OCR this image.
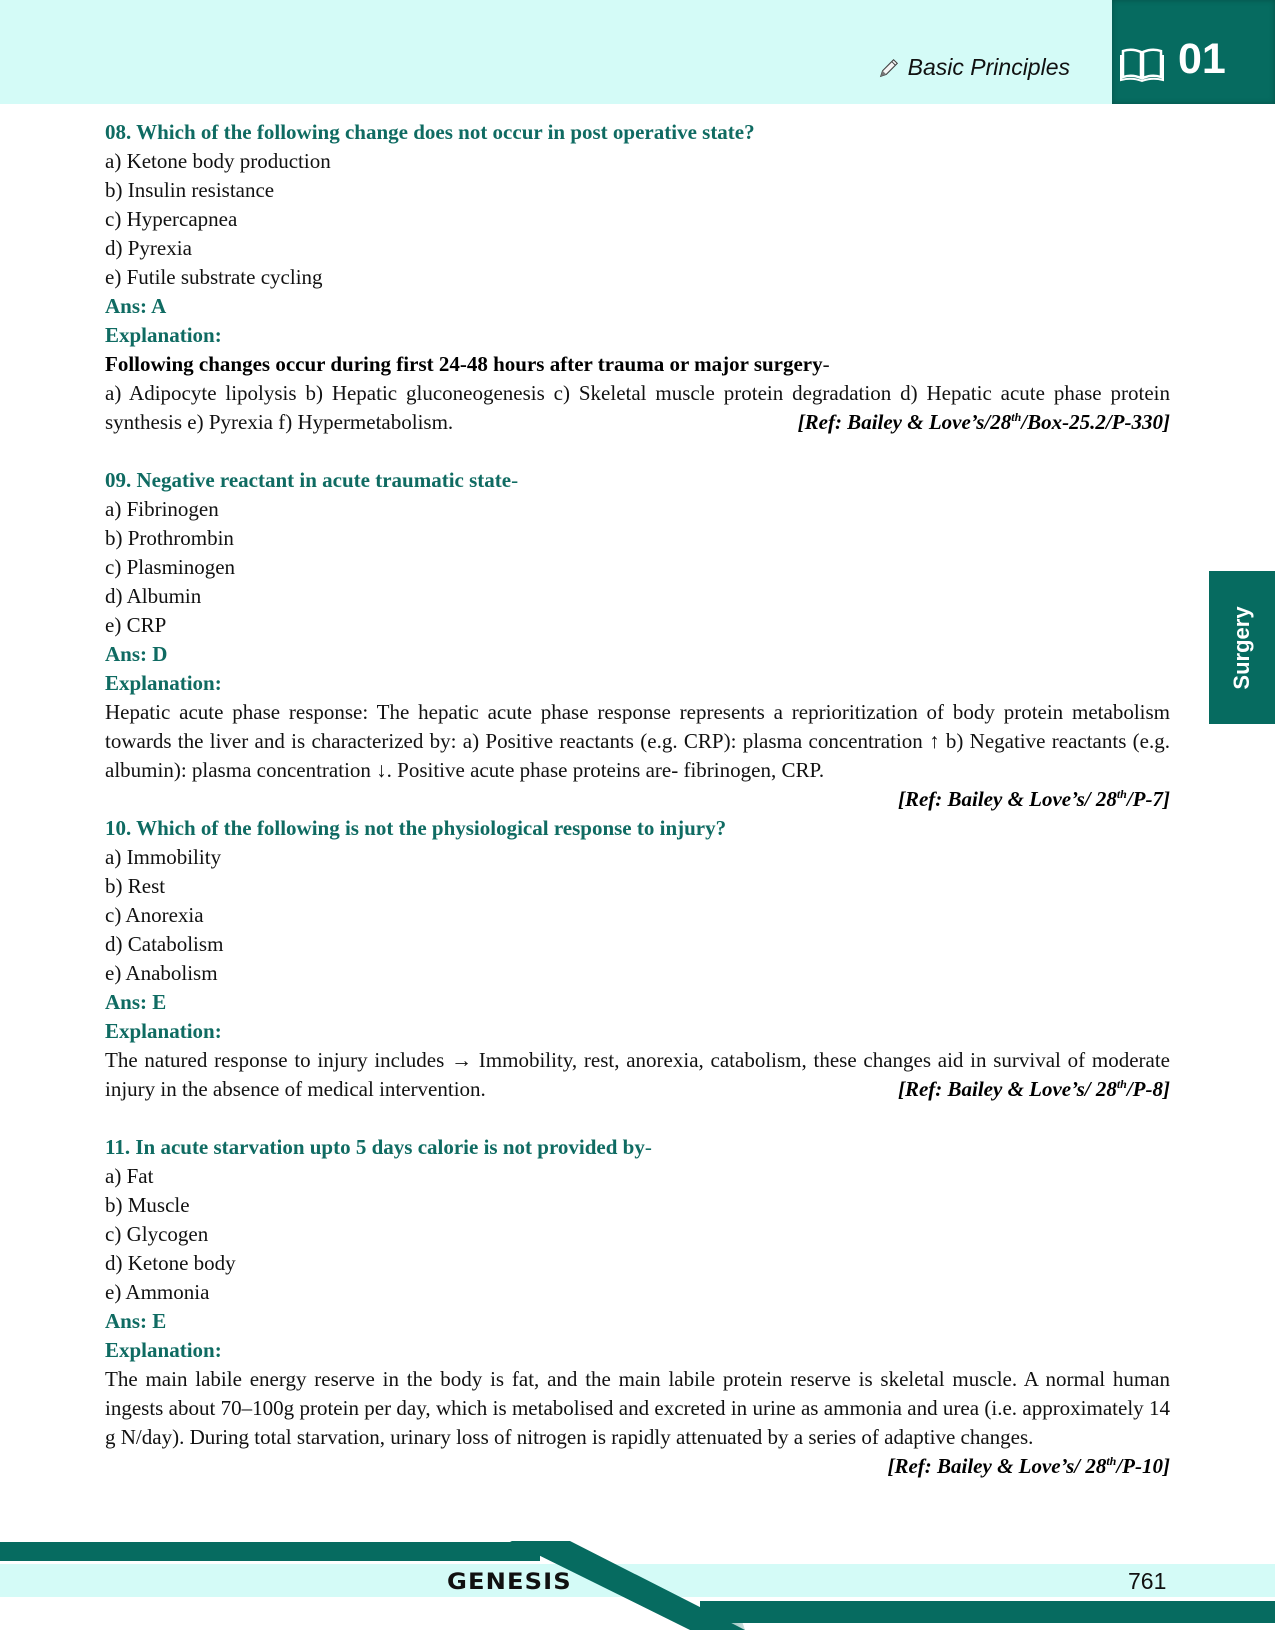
Basic Principles	01
Surgery
08. Which of the following change does not occur in post operative state?
a) Ketone body production
b) Insulin resistance
c) Hypercapnea
d) Pyrexia
e) Futile substrate cycling
Ans: A
Explanation:
Following changes occur during first 24-48 hours after trauma or major surgery-
a) Adipocyte lipolysis b) Hepatic gluconeogenesis c) Skeletal muscle protein degradation d) Hepatic acute phase protein synthesis e) Pyrexia f) Hypermetabolism.	[Ref: Bailey & Love’s/28th/Box-25.2/P-330]
09. Negative reactant in acute traumatic state-
a) Fibrinogen
b) Prothrombin
c) Plasminogen
d) Albumin
e) CRP
Ans: D
Explanation:
Hepatic acute phase response: The hepatic acute phase response represents a reprioritization of body protein metabolism towards the liver and is characterized by: a) Positive reactants (e.g. CRP): plasma concentration ↑ b) Negative reactants (e.g. albumin): plasma concentration ↓. Positive acute phase proteins are- fibrinogen, CRP.
[Ref: Bailey & Love’s/ 28th/P-7]
10. Which of the following is not the physiological response to injury?
a) Immobility
b) Rest
c) Anorexia
d) Catabolism
e) Anabolism
Ans: E
Explanation:
The natured response to injury includes → Immobility, rest, anorexia, catabolism, these changes aid in survival of moderate injury in the absence of medical intervention.	[Ref: Bailey & Love’s/ 28th/P-8]
11. In acute starvation upto 5 days calorie is not provided by-
a) Fat
b) Muscle
c) Glycogen
d) Ketone body
e) Ammonia
Ans: E
Explanation:
The main labile energy reserve in the body is fat, and the main labile protein reserve is skeletal muscle. A normal human ingests about 70–100g protein per day, which is metabolised and excreted in urine as ammonia and urea (i.e. approximately 14 g N/day). During total starvation, urinary loss of nitrogen is rapidly attenuated by a series of adaptive changes.
[Ref: Bailey & Love’s/ 28th/P-10]
GENESIS	761
